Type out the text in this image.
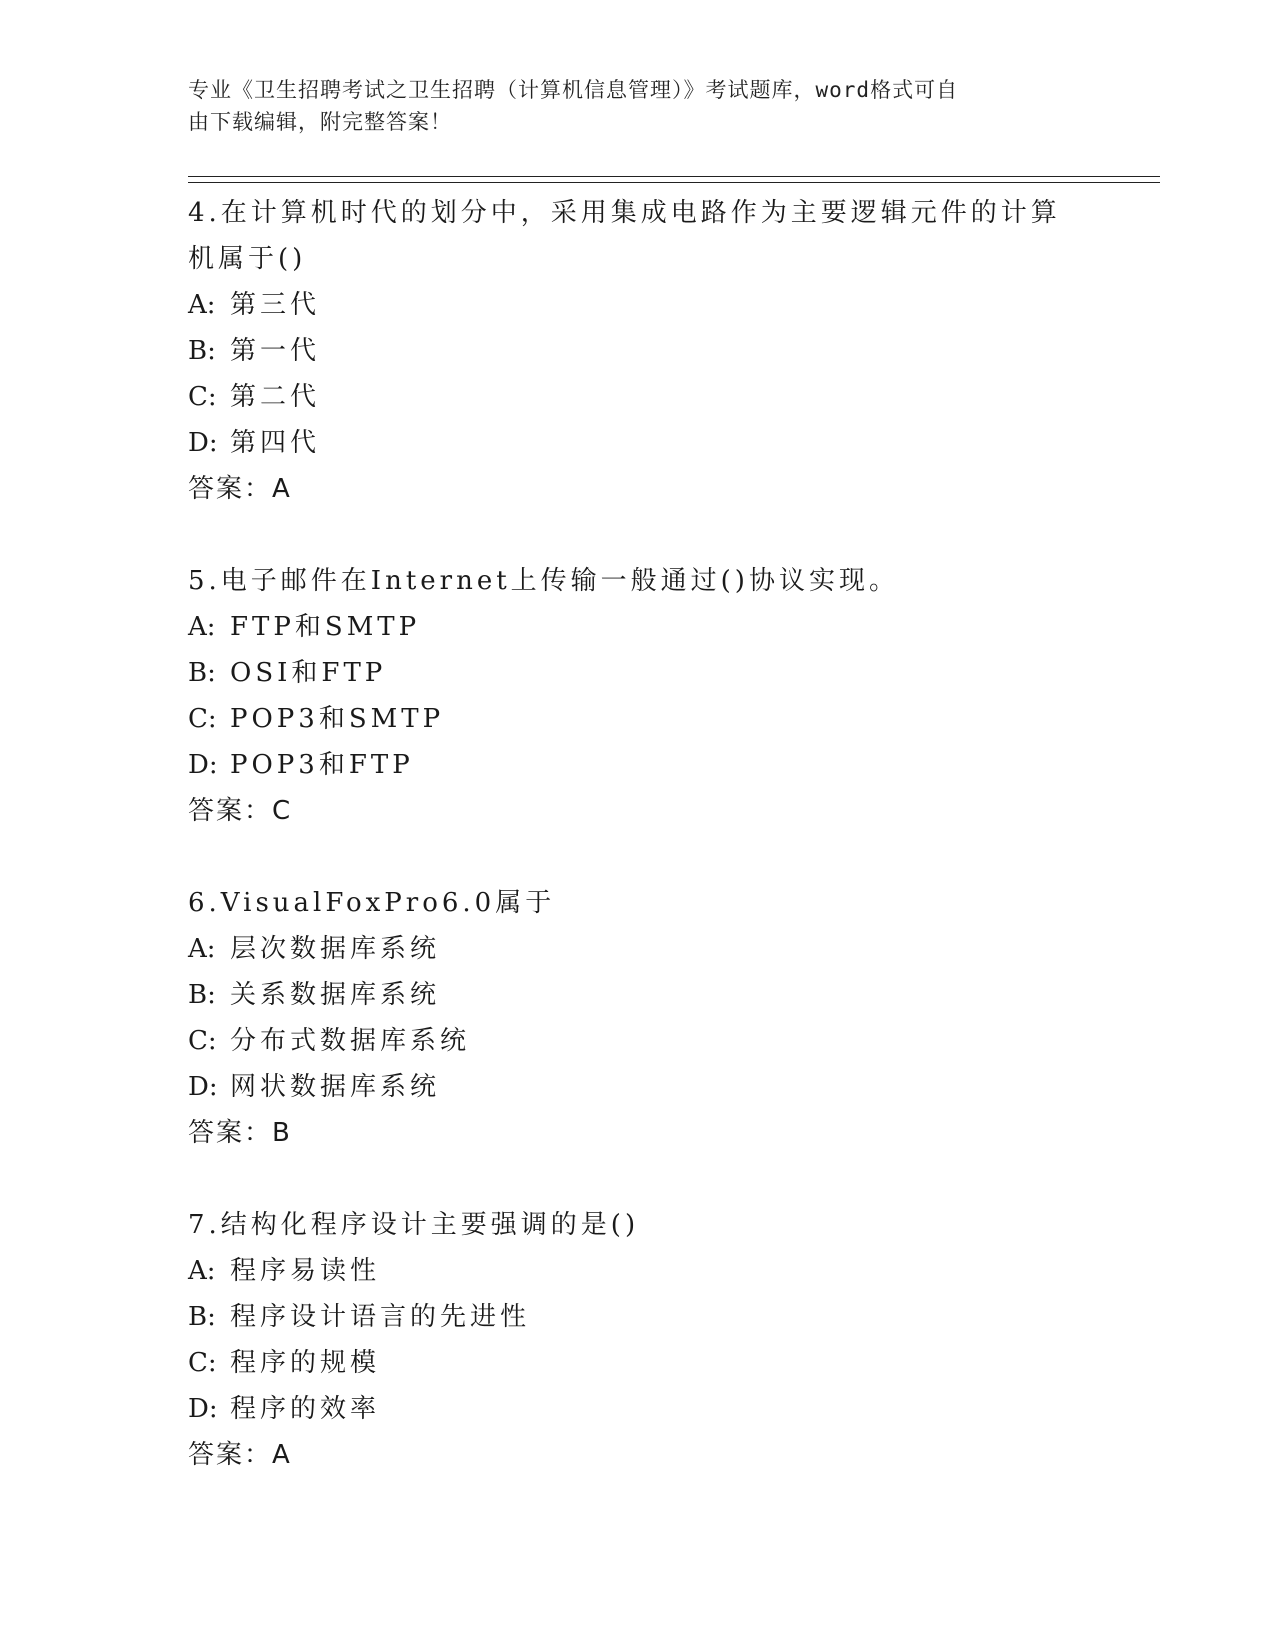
专业《卫生招聘考试之卫生招聘（计算机信息管理）》考试题库，word格式可自
由下载编辑，附完整答案！

4.在计算机时代的划分中，采用集成电路作为主要逻辑元件的计算机属于()

A: 第三代

B: 第一代

C: 第二代

D: 第四代

答案：A

5.电子邮件在Internet上传输一般通过()协议实现。

A: FTP和SMTP

B: OSI和FTP

C: POP3和SMTP

D: POP3和FTP

答案：C

6.VisualFoxPro6.0属于

A: 层次数据库系统

B: 关系数据库系统

C: 分布式数据库系统

D: 网状数据库系统

答案：B

7.结构化程序设计主要强调的是()

A: 程序易读性

B: 程序设计语言的先进性

C: 程序的规模

D: 程序的效率

答案：A
